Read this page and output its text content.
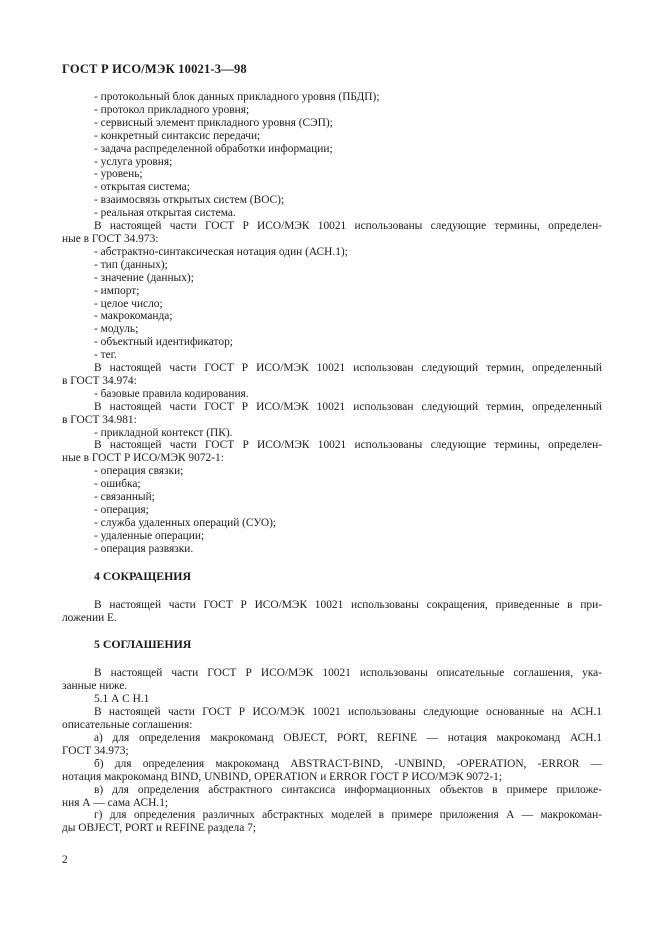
ГОСТ Р ИСО/МЭК 10021-3—98
- протокольный блок данных прикладного уровня (ПБДП);
- протокол прикладного уровня;
- сервисный элемент прикладного уровня (СЭП);
- конкретный синтаксис передачи;
- задача распределенной обработки информации;
- услуга уровня;
- уровень;
- открытая система;
- взаимосвязь открытых систем (ВОС);
- реальная открытая система.
В настоящей части ГОСТ Р ИСО/МЭК 10021 использованы следующие термины, определен-
ные в ГОСТ 34.973:
- абстрактно-синтаксическая нотация один (АСН.1);
- тип (данных);
- значение (данных);
- импорт;
- целое число;
- макрокоманда;
- модуль;
- объектный идентификатор;
- тег.
В настоящей части ГОСТ Р ИСО/МЭК 10021 использован следующий термин, определенный
в ГОСТ 34.974:
- базовые правила кодирования.
В настоящей части ГОСТ Р ИСО/МЭК 10021 использован следующий термин, определенный
в ГОСТ 34.981:
- прикладной контекст (ПК).
В настоящей части ГОСТ Р ИСО/МЭК 10021 использованы следующие термины, определен-
ные в ГОСТ Р ИСО/МЭК 9072-1:
- операция связки;
- ошибка;
- связанный;
- операция;
- служба удаленных операций (СУО);
- удаленные операции;
- операция развязки.
4 СОКРАЩЕНИЯ
В настоящей части ГОСТ Р ИСО/МЭК 10021 использованы сокращения, приведенные в при-
ложении Е.
5 СОГЛАШЕНИЯ
В настоящей части ГОСТ Р ИСО/МЭК 10021 использованы описательные соглашения, ука-
занные ниже.
5.1 А С Н.1
В настоящей части ГОСТ Р ИСО/МЭК 10021 использованы следующие основанные на АСН.1
описательные соглашения:
а) для определения макрокоманд OBJECT, PORT, REFINE — нотация макрокоманд АСН.1
ГОСТ 34.973;
б) для определения макрокоманд ABSTRACT-BIND, -UNBIND, -OPERATION, -ERROR —
нотация макрокоманд BIND, UNBIND, OPERATION и ERROR ГОСТ Р ИСО/МЭК 9072-1;
в) для определения абстрактного синтаксиса информационных объектов в примере приложе-
ния А — сама АСН.1;
г) для определения различных абстрактных моделей в примере приложения А — макрокоман-
ды OBJECT, PORT и REFINE раздела 7;
2
